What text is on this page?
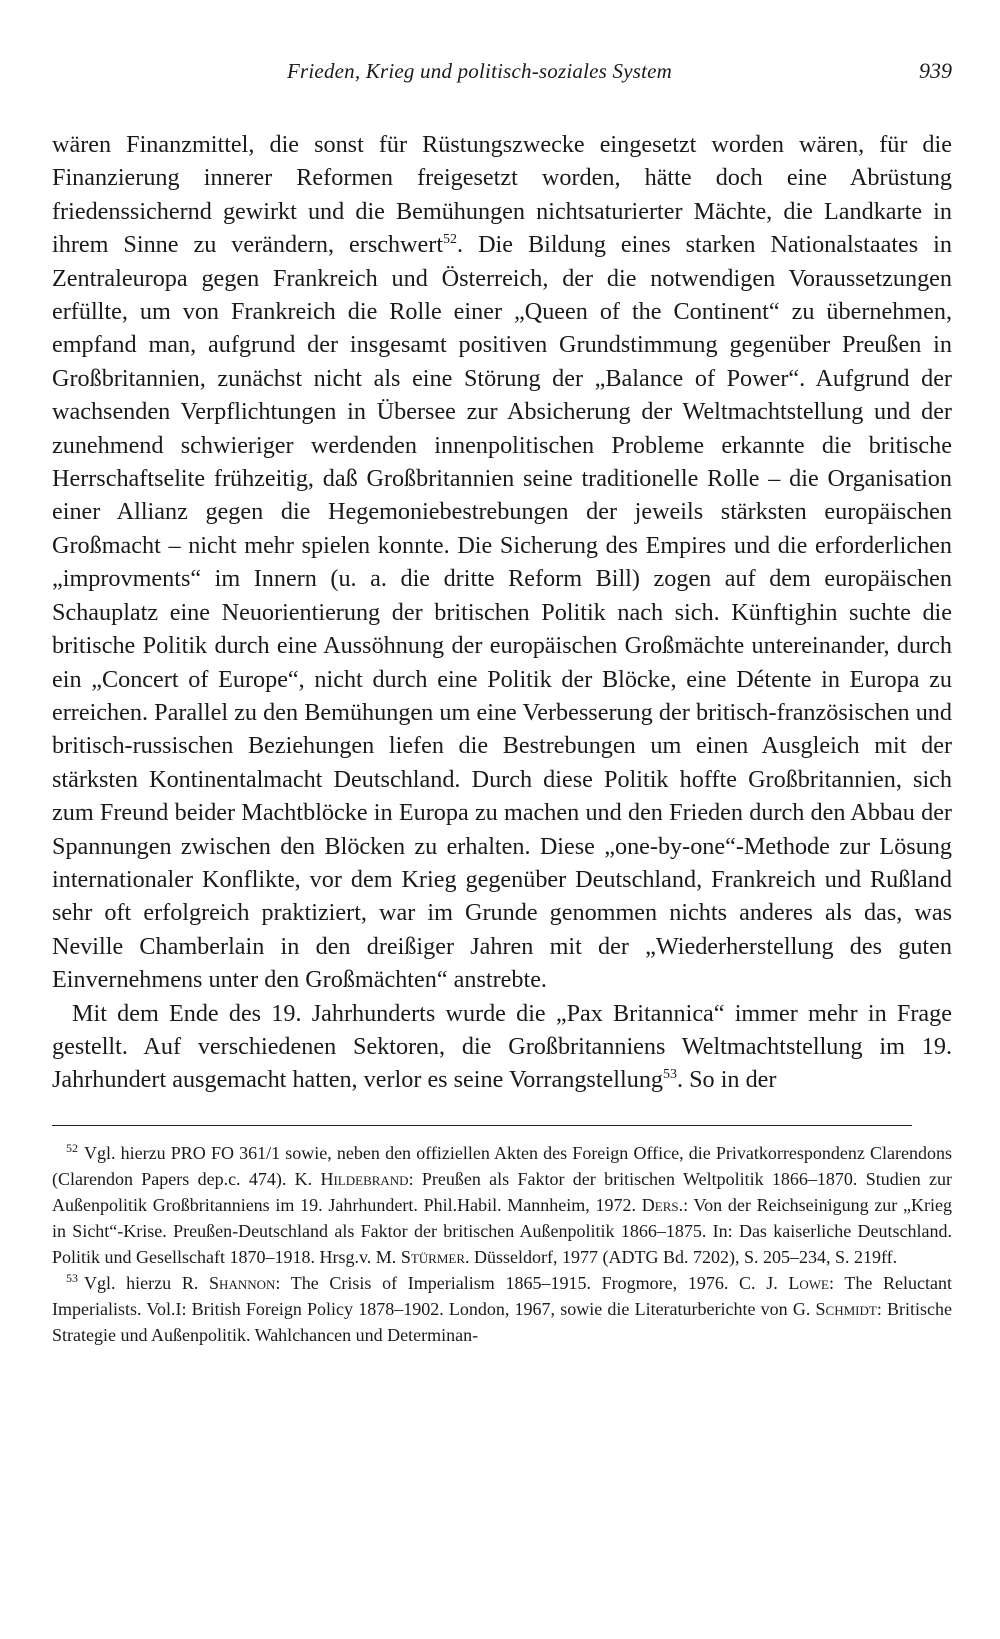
Frieden, Krieg und politisch-soziales System	939

wären Finanzmittel, die sonst für Rüstungszwecke eingesetzt worden wären, für die Finanzierung innerer Reformen freigesetzt worden, hätte doch eine Abrüstung friedenssichernd gewirkt und die Bemühungen nichtsaturierter Mächte, die Landkarte in ihrem Sinne zu verändern, erschwert$^{52}$. Die Bildung eines starken Nationalstaates in Zentraleuropa gegen Frankreich und Österreich, der die notwendigen Voraussetzungen erfüllte, um von Frankreich die Rolle einer „Queen of the Continent“ zu übernehmen, empfand man, aufgrund der insgesamt positiven Grundstimmung gegenüber Preußen in Großbritannien, zunächst nicht als eine Störung der „Balance of Power“. Aufgrund der wachsenden Verpflichtungen in Übersee zur Absicherung der Weltmachtstellung und der zunehmend schwieriger werdenden innenpolitischen Probleme erkannte die britische Herrschaftselite frühzeitig, daß Großbritannien seine traditionelle Rolle – die Organisation einer Allianz gegen die Hegemoniebestrebungen der jeweils stärksten europäischen Großmacht – nicht mehr spielen konnte. Die Sicherung des Empires und die erforderlichen „improvments“ im Innern (u. a. die dritte Reform Bill) zogen auf dem europäischen Schauplatz eine Neuorientierung der britischen Politik nach sich. Künftighin suchte die britische Politik durch eine Aussöhnung der europäischen Großmächte untereinander, durch ein „Concert of Europe“, nicht durch eine Politik der Blöcke, eine Détente in Europa zu erreichen. Parallel zu den Bemühungen um eine Verbesserung der britisch-französischen und britisch-russischen Beziehungen liefen die Bestrebungen um einen Ausgleich mit der stärksten Kontinentalmacht Deutschland. Durch diese Politik hoffte Großbritannien, sich zum Freund beider Machtblöcke in Europa zu machen und den Frieden durch den Abbau der Spannungen zwischen den Blöcken zu erhalten. Diese „one-by-one“-Methode zur Lösung internationaler Konflikte, vor dem Krieg gegenüber Deutschland, Frankreich und Rußland sehr oft erfolgreich praktiziert, war im Grunde genommen nichts anderes als das, was Neville Chamberlain in den dreißiger Jahren mit der „Wiederherstellung des guten Einvernehmens unter den Großmächten“ anstrebte.

Mit dem Ende des 19. Jahrhunderts wurde die „Pax Britannica“ immer mehr in Frage gestellt. Auf verschiedenen Sektoren, die Großbritanniens Weltmachtstellung im 19. Jahrhundert ausgemacht hatten, verlor es seine Vorrangstellung$^{53}$. So in der

$^{52}$ Vgl. hierzu PRO FO 361/1 sowie, neben den offiziellen Akten des Foreign Office, die Privatkorrespondenz Clarendons (Clarendon Papers dep.c. 474). K. Hildebrand: Preußen als Faktor der britischen Weltpolitik 1866–1870. Studien zur Außenpolitik Großbritanniens im 19. Jahrhundert. Phil.Habil. Mannheim, 1972. Ders.: Von der Reichseinigung zur „Krieg in Sicht“-Krise. Preußen-Deutschland als Faktor der britischen Außenpolitik 1866–1875. In: Das kaiserliche Deutschland. Politik und Gesellschaft 1870–1918. Hrsg.v. M. Stürmer. Düsseldorf, 1977 (ADTG Bd. 7202), S. 205–234, S. 219ff.

$^{53}$ Vgl. hierzu R. Shannon: The Crisis of Imperialism 1865–1915. Frogmore, 1976. C. J. Lowe: The Reluctant Imperialists. Vol.I: British Foreign Policy 1878–1902. London, 1967, sowie die Literaturberichte von G. Schmidt: Britische Strategie und Außenpolitik. Wahlchancen und Determinan-
